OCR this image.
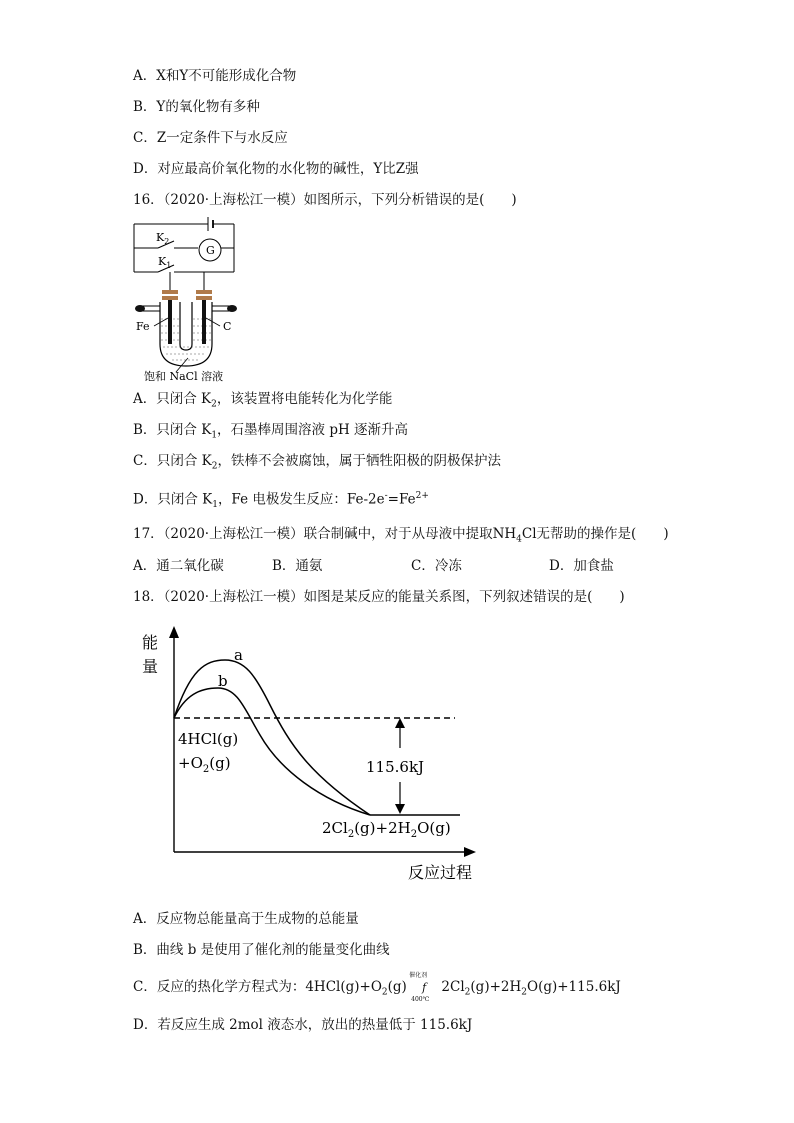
A．X和Y不可能形成化合物
B．Y的氧化物有多种
C．Z一定条件下与水反应
D．对应最高价氧化物的水化物的碱性，Y比Z强
16．（2020·上海松江一模）如图所示，下列分析错误的是(　　)
$K_2$
$K_1$
G
Fe	C
饱和 NaCl 溶液
A．只闭合 $K_2$，该装置将电能转化为化学能
B．只闭合 $K_1$，石墨棒周围溶液 pH 逐渐升高
C．只闭合 $K_2$，铁棒不会被腐蚀，属于牺牲阳极的阴极保护法
D．只闭合 $K_1$，Fe 电极发生反应：$Fe-2e^-=Fe^{2+}$
17．（2020·上海松江一模）联合制碱中，对于从母液中提取$NH_4Cl$无帮助的操作是(　　)
A．通二氧化碳	B．通氨	C．冷冻	D．加食盐
18．（2020·上海松江一模）如图是某反应的能量关系图，下列叙述错误的是(　　)
能
量
a
b
4HCl(g)
$+O_2(g)$	115.6kJ
$2Cl_2(g)+2H_2O(g)$
反应过程
A．反应物总能量高于生成物的总能量
B．曲线 b 是使用了催化剂的能量变化曲线
C．反应的热化学方程式为：$4HCl(g)+O_2(g)$
催化剂
f
400℃
$2Cl_2(g)+2H_2O(g)+115.6kJ$
D．若反应生成 2mol 液态水，放出的热量低于 115.6kJ
